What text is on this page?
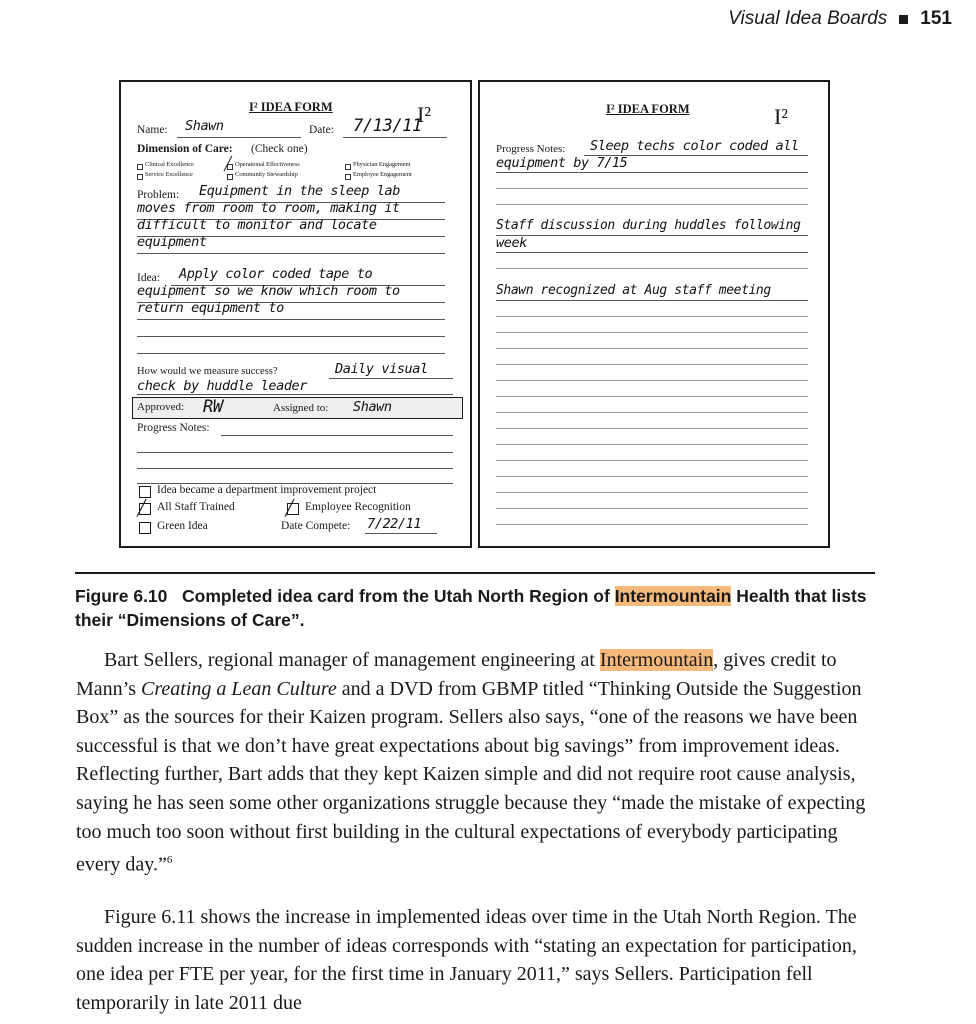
Visual Idea Boards 151
I² IDEA FORM	I²
Name: Shawn	Date: 7/13/11
Dimension of Care: (Check one)
Clinical Excellence ╱ Operational Effectiveness	Physician Engagement
Service Excellence	Community Stewardship	Employee Engagement
Problem: Equipment in the sleep lab
moves from room to room, making it
difficult to monitor and locate
equipment
Idea: Apply color coded tape to
equipment so we know which room to
return equipment to
How would we measure success?	Daily visual
check by huddle leader
Approved: RW	Assigned to: Shawn
Progress Notes:
Idea became a department improvement project
╱ All Staff Trained	╱ Employee Recognition
Green Idea	Date Compete: 7/22/11
I² IDEA FORM	I²
Progress Notes: Sleep techs color coded all
equipment by 7/15
Staff discussion during huddles following
week
Shawn recognized at Aug staff meeting
Figure 6.10 Completed idea card from the Utah North Region of Intermountain Health that lists their “Dimensions of Care”.

Bart Sellers, regional manager of management engineering at Intermountain, gives credit to Mann’s Creating a Lean Culture and a DVD from GBMP titled “Thinking Outside the Suggestion Box” as the sources for their Kaizen program. Sellers also says, “one of the reasons we have been successful is that we don’t have great expectations about big savings” from improvement ideas. Reflecting further, Bart adds that they kept Kaizen simple and did not require root cause analysis, saying he has seen some other organizations struggle because they “made the mistake of expecting too much too soon without first building in the cultural expectations of everybody participating every day.”$^6$

Figure 6.11 shows the increase in implemented ideas over time in the Utah North Region. The sudden increase in the number of ideas corresponds with “stating an expectation for participation, one idea per FTE per year, for the first time in January 2011,” says Sellers. Participation fell temporarily in late 2011 due
